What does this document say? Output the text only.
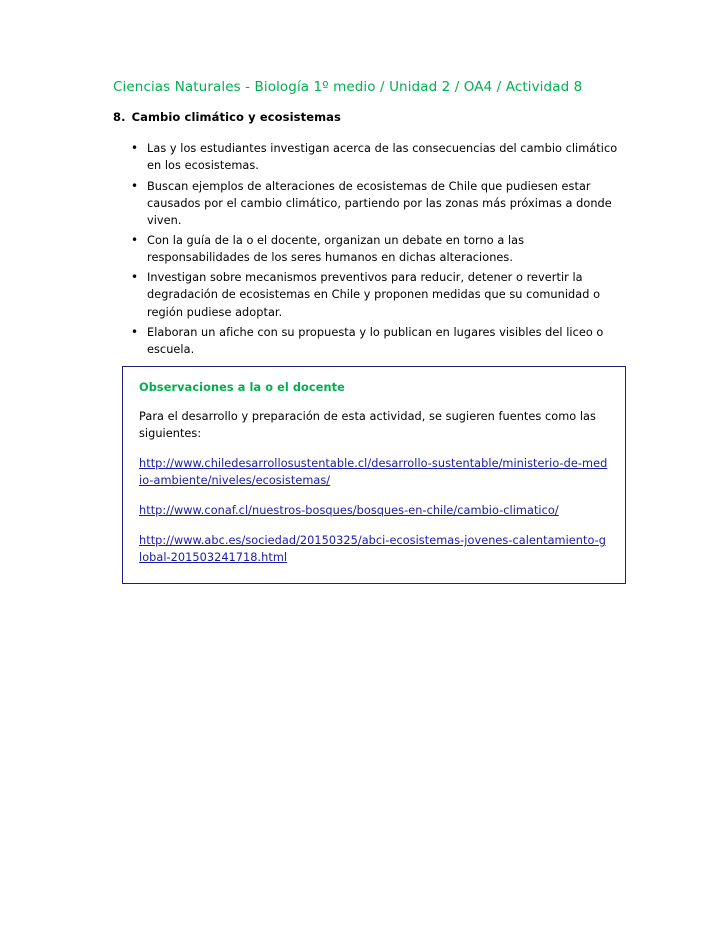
Ciencias Naturales - Biología 1º medio / Unidad 2 / OA4 / Actividad 8
8. Cambio climático y ecosistemas
• Las y los estudiantes investigan acerca de las consecuencias del cambio climático en los ecosistemas.
• Buscan ejemplos de alteraciones de ecosistemas de Chile que pudiesen estar causados por el cambio climático, partiendo por las zonas más próximas a donde viven.
• Con la guía de la o el docente, organizan un debate en torno a las responsabilidades de los seres humanos en dichas alteraciones.
• Investigan sobre mecanismos preventivos para reducir, detener o revertir la degradación de ecosistemas en Chile y proponen medidas que su comunidad o región pudiese adoptar.
• Elaboran un afiche con su propuesta y lo publican en lugares visibles del liceo o escuela.
Observaciones a la o el docente
Para el desarrollo y preparación de esta actividad, se sugieren fuentes como las siguientes:
http://www.chiledesarrollosustentable.cl/desarrollo-sustentable/ministerio-de-medio-ambiente/niveles/ecosistemas/
http://www.conaf.cl/nuestros-bosques/bosques-en-chile/cambio-climatico/
http://www.abc.es/sociedad/20150325/abci-ecosistemas-jovenes-calentamiento-global-201503241718.html
